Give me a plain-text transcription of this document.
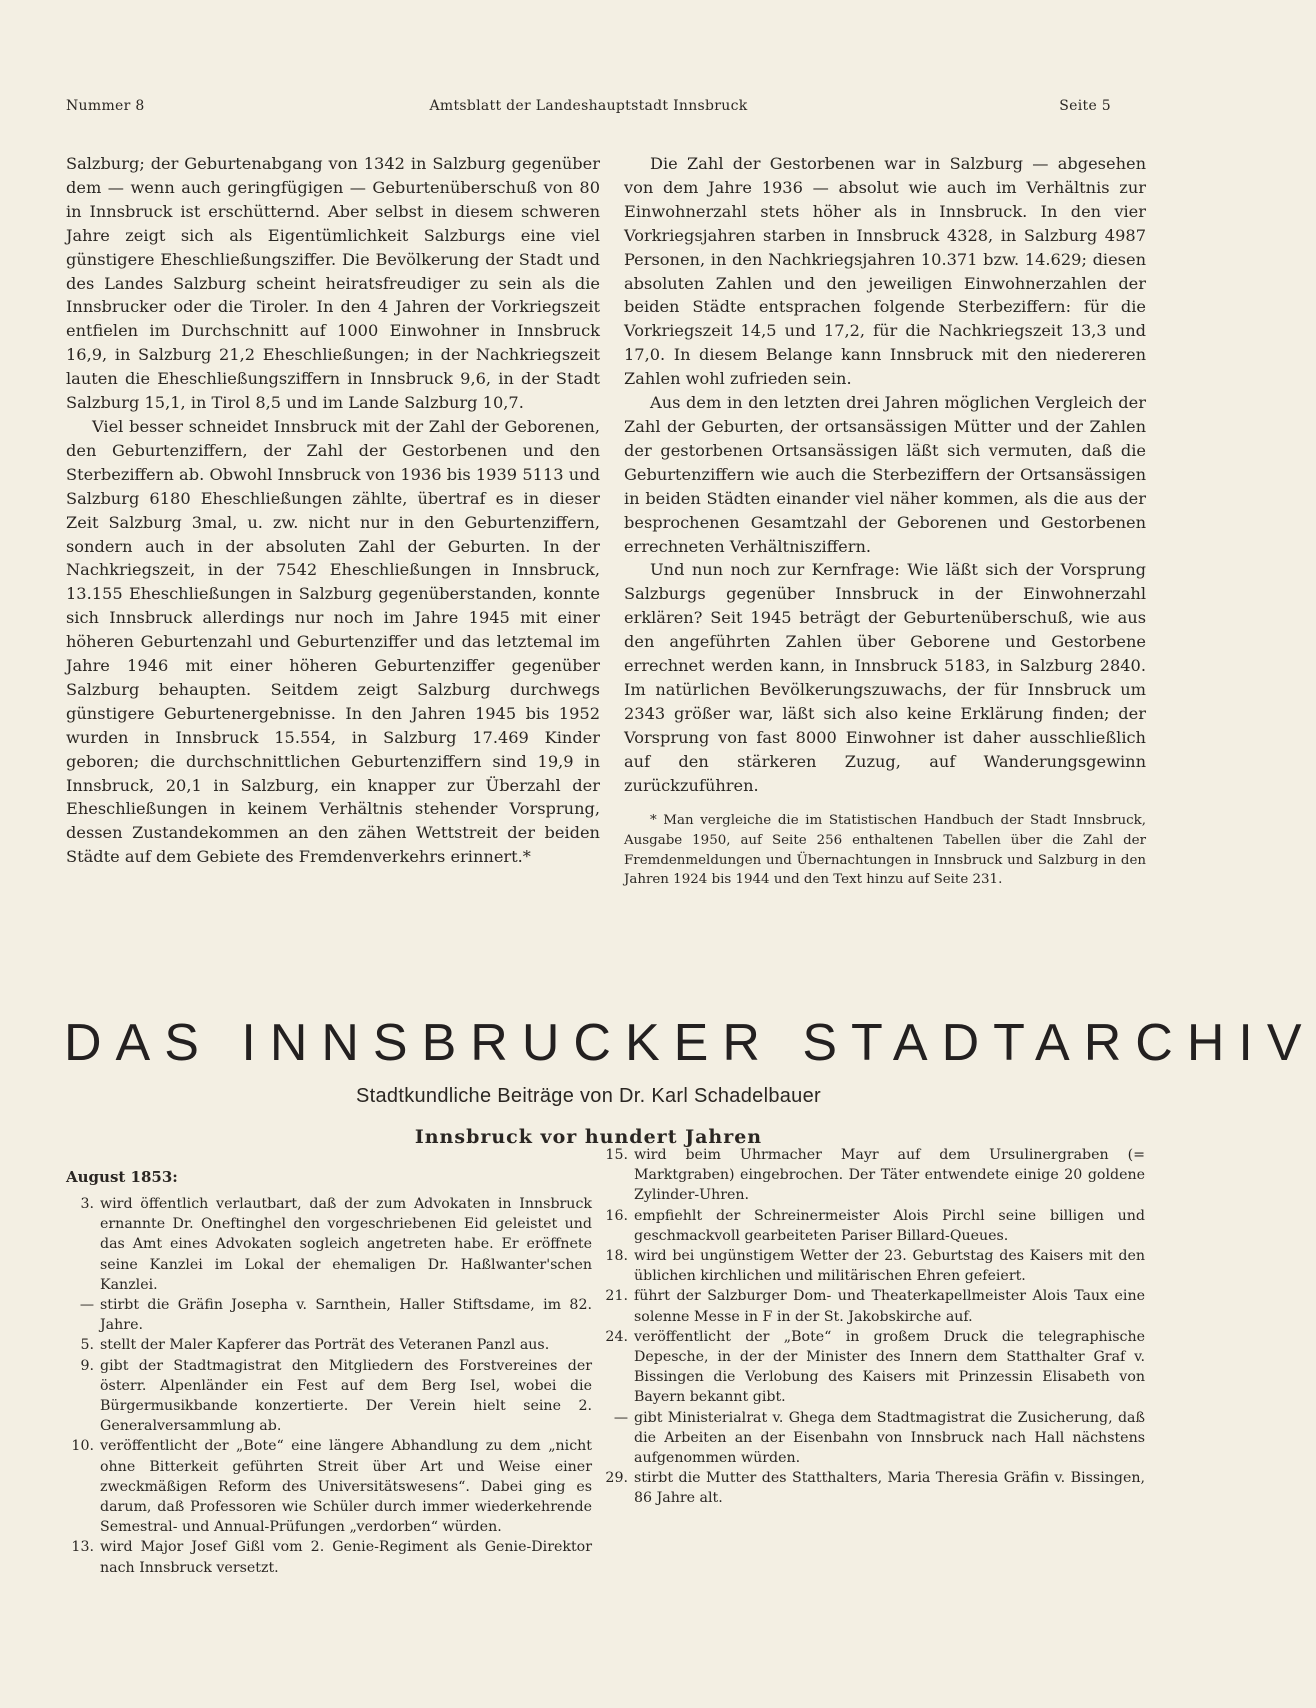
Nummer 8	Amtsblatt der Landeshauptstadt Innsbruck	Seite 5

Salzburg; der Geburtenabgang von 1342 in Salzburg gegenüber dem — wenn auch geringfügigen — Geburtenüberschuß von 80 in Innsbruck ist erschütternd. Aber selbst in diesem schweren Jahre zeigt sich als Eigentümlichkeit Salzburgs eine viel günstigere Eheschließungsziffer. Die Bevölkerung der Stadt und des Landes Salzburg scheint heiratsfreudiger zu sein als die Innsbrucker oder die Tiroler. In den 4 Jahren der Vorkriegszeit entfielen im Durchschnitt auf 1000 Einwohner in Innsbruck 16,9, in Salzburg 21,2 Eheschließungen; in der Nachkriegszeit lauten die Eheschließungsziffern in Innsbruck 9,6, in der Stadt Salzburg 15,1, in Tirol 8,5 und im Lande Salzburg 10,7.

Viel besser schneidet Innsbruck mit der Zahl der Geborenen, den Geburtenziffern, der Zahl der Gestorbenen und den Sterbeziffern ab. Obwohl Innsbruck von 1936 bis 1939 5113 und Salzburg 6180 Eheschließungen zählte, übertraf es in dieser Zeit Salzburg 3mal, u. zw. nicht nur in den Geburtenziffern, sondern auch in der absoluten Zahl der Geburten. In der Nachkriegszeit, in der 7542 Eheschließungen in Innsbruck, 13.155 Eheschließungen in Salzburg gegenüberstanden, konnte sich Innsbruck allerdings nur noch im Jahre 1945 mit einer höheren Geburtenzahl und Geburtenziffer und das letztemal im Jahre 1946 mit einer höheren Geburtenziffer gegenüber Salzburg behaupten. Seitdem zeigt Salzburg durchwegs günstigere Geburtenergebnisse. In den Jahren 1945 bis 1952 wurden in Innsbruck 15.554, in Salzburg 17.469 Kinder geboren; die durchschnittlichen Geburtenziffern sind 19,9 in Innsbruck, 20,1 in Salzburg, ein knapper zur Überzahl der Eheschließungen in keinem Verhältnis stehender Vorsprung, dessen Zustandekommen an den zähen Wettstreit der beiden Städte auf dem Gebiete des Fremdenverkehrs erinnert.*

Die Zahl der Gestorbenen war in Salzburg — abgesehen von dem Jahre 1936 — absolut wie auch im Verhältnis zur Einwohnerzahl stets höher als in Innsbruck. In den vier Vorkriegsjahren starben in Innsbruck 4328, in Salzburg 4987 Personen, in den Nachkriegsjahren 10.371 bzw. 14.629; diesen absoluten Zahlen und den jeweiligen Einwohnerzahlen der beiden Städte entsprachen folgende Sterbeziffern: für die Vorkriegszeit 14,5 und 17,2, für die Nachkriegszeit 13,3 und 17,0. In diesem Belange kann Innsbruck mit den niedereren Zahlen wohl zufrieden sein.

Aus dem in den letzten drei Jahren möglichen Vergleich der Zahl der Geburten, der ortsansässigen Mütter und der Zahlen der gestorbenen Ortsansässigen läßt sich vermuten, daß die Geburtenziffern wie auch die Sterbeziffern der Ortsansässigen in beiden Städten einander viel näher kommen, als die aus der besprochenen Gesamtzahl der Geborenen und Gestorbenen errechneten Verhältnisziffern.

Und nun noch zur Kernfrage: Wie läßt sich der Vorsprung Salzburgs gegenüber Innsbruck in der Einwohnerzahl erklären? Seit 1945 beträgt der Geburtenüberschuß, wie aus den angeführten Zahlen über Geborene und Gestorbene errechnet werden kann, in Innsbruck 5183, in Salzburg 2840. Im natürlichen Bevölkerungszuwachs, der für Innsbruck um 2343 größer war, läßt sich also keine Erklärung finden; der Vorsprung von fast 8000 Einwohner ist daher ausschließlich auf den stärkeren Zuzug, auf Wanderungsgewinn zurückzuführen.

* Man vergleiche die im Statistischen Handbuch der Stadt Innsbruck, Ausgabe 1950, auf Seite 256 enthaltenen Tabellen über die Zahl der Fremdenmeldungen und Übernachtungen in Innsbruck und Salzburg in den Jahren 1924 bis 1944 und den Text hinzu auf Seite 231.

DAS INNSBRUCKER STADTARCHIV
Stadtkundliche Beiträge von Dr. Karl Schadelbauer
Innsbruck vor hundert Jahren
August 1853:
3. wird öffentlich verlautbart, daß der zum Advokaten in Innsbruck ernannte Dr. Oneftinghel den vorgeschriebenen Eid geleistet und das Amt eines Advokaten sogleich angetreten habe. Er eröffnete seine Kanzlei im Lokal der ehemaligen Dr. Haßlwanter'schen Kanzlei.
— stirbt die Gräfin Josepha v. Sarnthein, Haller Stiftsdame, im 82. Jahre.
5. stellt der Maler Kapferer das Porträt des Veteranen Panzl aus.
9. gibt der Stadtmagistrat den Mitgliedern des Forstvereines der österr. Alpenländer ein Fest auf dem Berg Isel, wobei die Bürgermusikbande konzertierte. Der Verein hielt seine 2. Generalversammlung ab.
10. veröffentlicht der „Bote“ eine längere Abhandlung zu dem „nicht ohne Bitterkeit geführten Streit über Art und Weise einer zweckmäßigen Reform des Universitätswesens“. Dabei ging es darum, daß Professoren wie Schüler durch immer wiederkehrende Semestral- und Annual-Prüfungen „verdorben“ würden.
13. wird Major Josef Gißl vom 2. Genie-Regiment als Genie-Direktor nach Innsbruck versetzt.
15. wird beim Uhrmacher Mayr auf dem Ursulinergraben (= Marktgraben) eingebrochen. Der Täter entwendete einige 20 goldene Zylinder-Uhren.
16. empfiehlt der Schreinermeister Alois Pirchl seine billigen und geschmackvoll gearbeiteten Pariser Billard-Queues.
18. wird bei ungünstigem Wetter der 23. Geburtstag des Kaisers mit den üblichen kirchlichen und militärischen Ehren gefeiert.
21. führt der Salzburger Dom- und Theaterkapellmeister Alois Taux eine solenne Messe in F in der St. Jakobskirche auf.
24. veröffentlicht der „Bote“ in großem Druck die telegraphische Depesche, in der der Minister des Innern dem Statthalter Graf v. Bissingen die Verlobung des Kaisers mit Prinzessin Elisabeth von Bayern bekannt gibt.
— gibt Ministerialrat v. Ghega dem Stadtmagistrat die Zusicherung, daß die Arbeiten an der Eisenbahn von Innsbruck nach Hall nächstens aufgenommen würden.
29. stirbt die Mutter des Statthalters, Maria Theresia Gräfin v. Bissingen, 86 Jahre alt.
